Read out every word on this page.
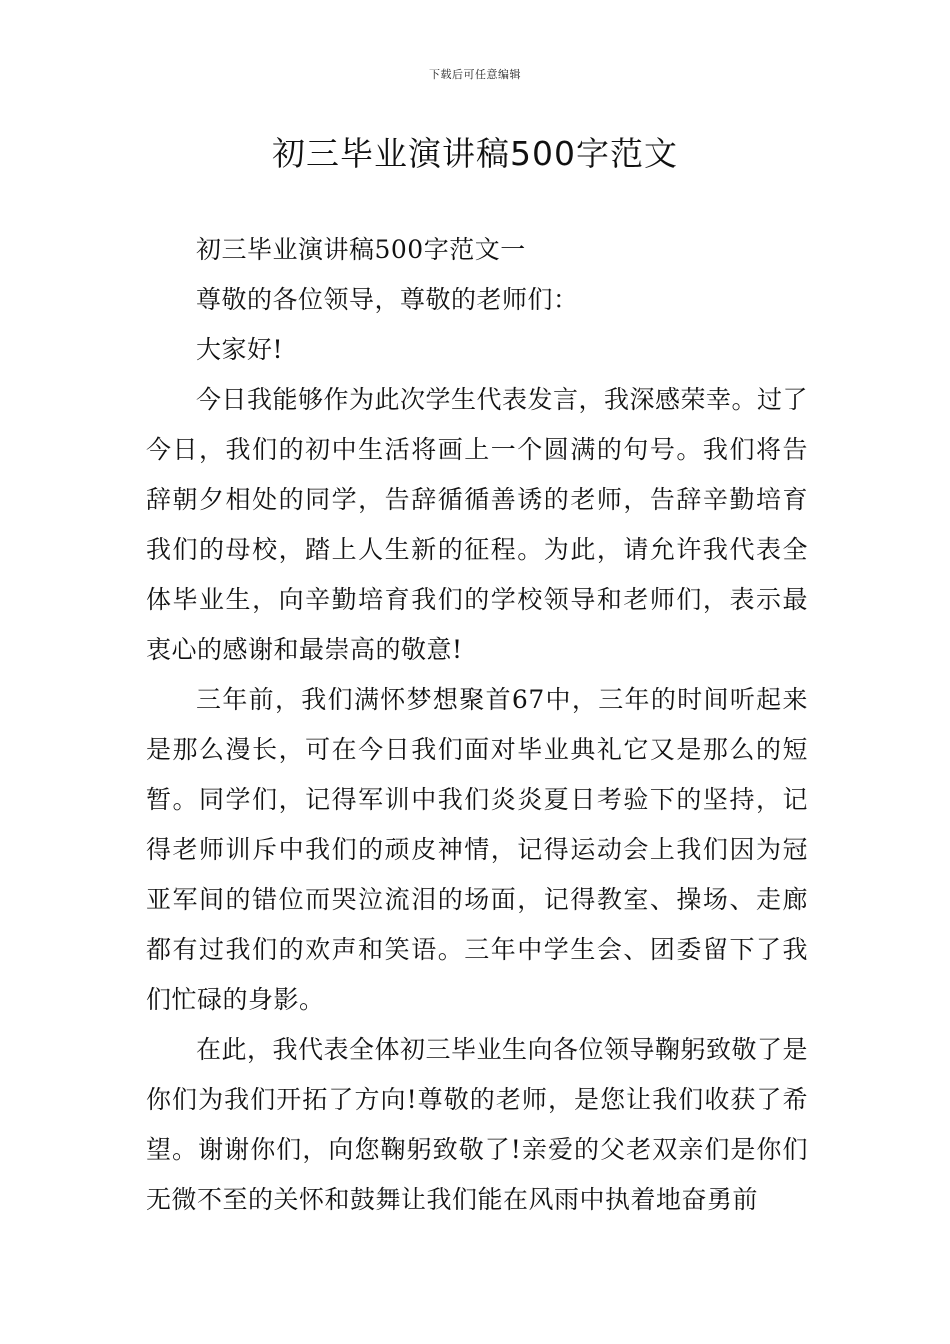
下载后可任意编辑
初三毕业演讲稿500字范文

初三毕业演讲稿500字范文一

尊敬的各位领导，尊敬的老师们：

大家好!

今日我能够作为此次学生代表发言，我深感荣幸。过了今日，我们的初中生活将画上一个圆满的句号。我们将告辞朝夕相处的同学，告辞循循善诱的老师，告辞辛勤培育我们的母校，踏上人生新的征程。为此，请允许我代表全体毕业生，向辛勤培育我们的学校领导和老师们，表示最衷心的感谢和最崇高的敬意!

三年前，我们满怀梦想聚首67中，三年的时间听起来是那么漫长，可在今日我们面对毕业典礼它又是那么的短暂。同学们，记得军训中我们炎炎夏日考验下的坚持，记得老师训斥中我们的顽皮神情，记得运动会上我们因为冠亚军间的错位而哭泣流泪的场面，记得教室、操场、走廊都有过我们的欢声和笑语。三年中学生会、团委留下了我们忙碌的身影。

在此，我代表全体初三毕业生向各位领导鞠躬致敬了是你们为我们开拓了方向!尊敬的老师，是您让我们收获了希望。谢谢你们，向您鞠躬致敬了!亲爱的父老双亲们是你们无微不至的关怀和鼓舞让我们能在风雨中执着地奋勇前
